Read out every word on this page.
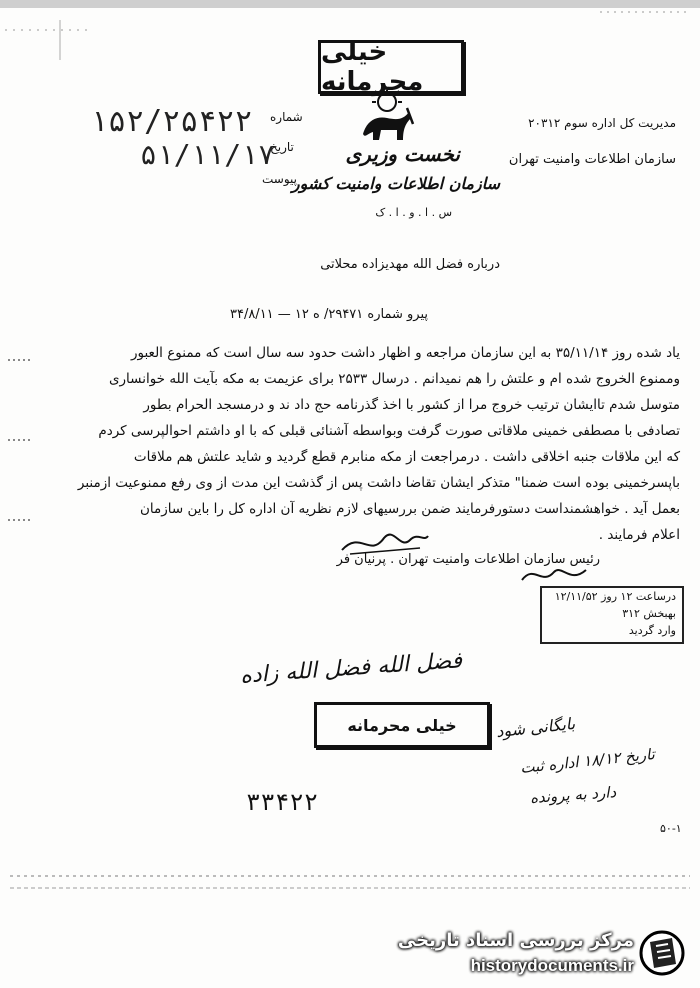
خیلی محرمانه
نخست وزیری
سازمان اطلاعات وامنیت کشور
س . ا . و . ا . ک
۱۵۲/۲۵۴۲۲
۵۱/۱۱/۱۷
شماره
تاریخ
پیوست
مدیریت کل اداره سوم ۲۰۳۱۲
سازمان اطلاعات وامنیت تهران
درباره فضل الله مهدیزاده محلاتی
پیرو شماره ۲۹۴۷۱/ ه ۱۲ — ۳۴/۸/۱۱

یاد شده روز ۳۵/۱۱/۱۴ به این سازمان مراجعه و اظهار داشت حدود سه سال است که ممنوع العبور

وممنوع الخروج شده ام و علتش را هم نمیدانم . درسال ۲۵۳۳ برای عزیمت به مکه بآیت الله خوانساری

متوسل شدم تاایشان ترتیب خروج مرا از کشور با اخذ گذرنامه حج داد ند و درمسجد الحرام بطور

تصادفی با مصطفی خمینی ملاقاتی صورت گرفت وبواسطه آشنائی قبلی که با او داشتم احوالپرسی کردم

که این ملاقات جنبه اخلاقی داشت . درمراجعت از مکه منابرم قطع گردید و شاید علتش هم ملاقات

باپسرخمینی بوده است ضمنا" متذکر ایشان تقاضا داشت پس از گذشت این مدت از وی رفع ممنوعیت ازمنبر

بعمل آید . خواهشمنداست دستورفرمایند ضمن بررسیهای لازم نظریه آن اداره کل را باین سازمان

اعلام فرمایند .

رئیس سازمان اطلاعات وامنیت تهران . پرنیان فر
درساعت ۱۲ روز ۱۲/۱۱/۵۲
بهبخش ۳۱۲
وارد گردید
فضل الله فضل الله زاده
خیلی محرمانه بایگانی شود
تاریخ ۱۸/۱۲ اداره ثبت
دارد به پرونده
۳۳۴۲۲
۵۰-۱
مرکز بررسی اسناد تاریخی
historydocuments.ir
